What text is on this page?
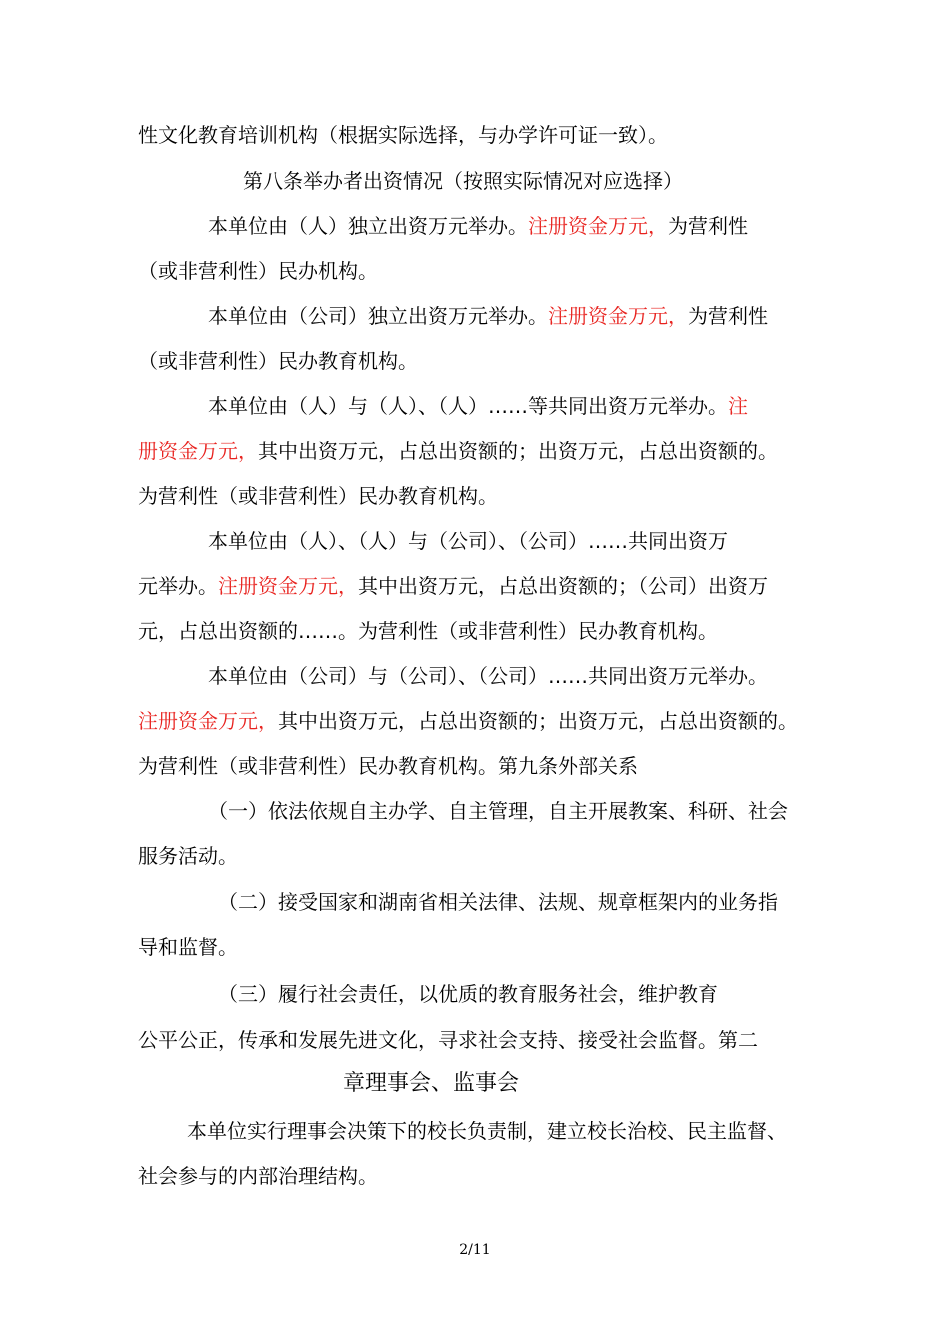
性文化教育培训机构（根据实际选择，与办学许可证一致）。
第八条举办者出资情况（按照实际情况对应选择）
本单位由（人）独立出资万元举办。注册资金万元，为营利性
（或非营利性）民办机构。
本单位由（公司）独立出资万元举办。注册资金万元，为营利性
（或非营利性）民办教育机构。
本单位由（人）与（人）、（人）……等共同出资万元举办。注
册资金万元，其中出资万元，占总出资额的；出资万元，占总出资额的。
为营利性（或非营利性）民办教育机构。
本单位由（人）、（人）与（公司）、（公司）……共同出资万
元举办。注册资金万元，其中出资万元，占总出资额的；（公司）出资万
元，占总出资额的……。为营利性（或非营利性）民办教育机构。
本单位由（公司）与（公司）、（公司）……共同出资万元举办。
注册资金万元，其中出资万元，占总出资额的；出资万元，占总出资额的。
为营利性（或非营利性）民办教育机构。第九条外部关系
（一）依法依规自主办学、自主管理，自主开展教案、科研、社会
服务活动。
（二）接受国家和湖南省相关法律、法规、规章框架内的业务指
导和监督。
（三）履行社会责任，以优质的教育服务社会，维护教育
公平公正，传承和发展先进文化，寻求社会支持、接受社会监督。第二
章理事会、监事会
本单位实行理事会决策下的校长负责制，建立校长治校、民主监督、
社会参与的内部治理结构。
2/11
